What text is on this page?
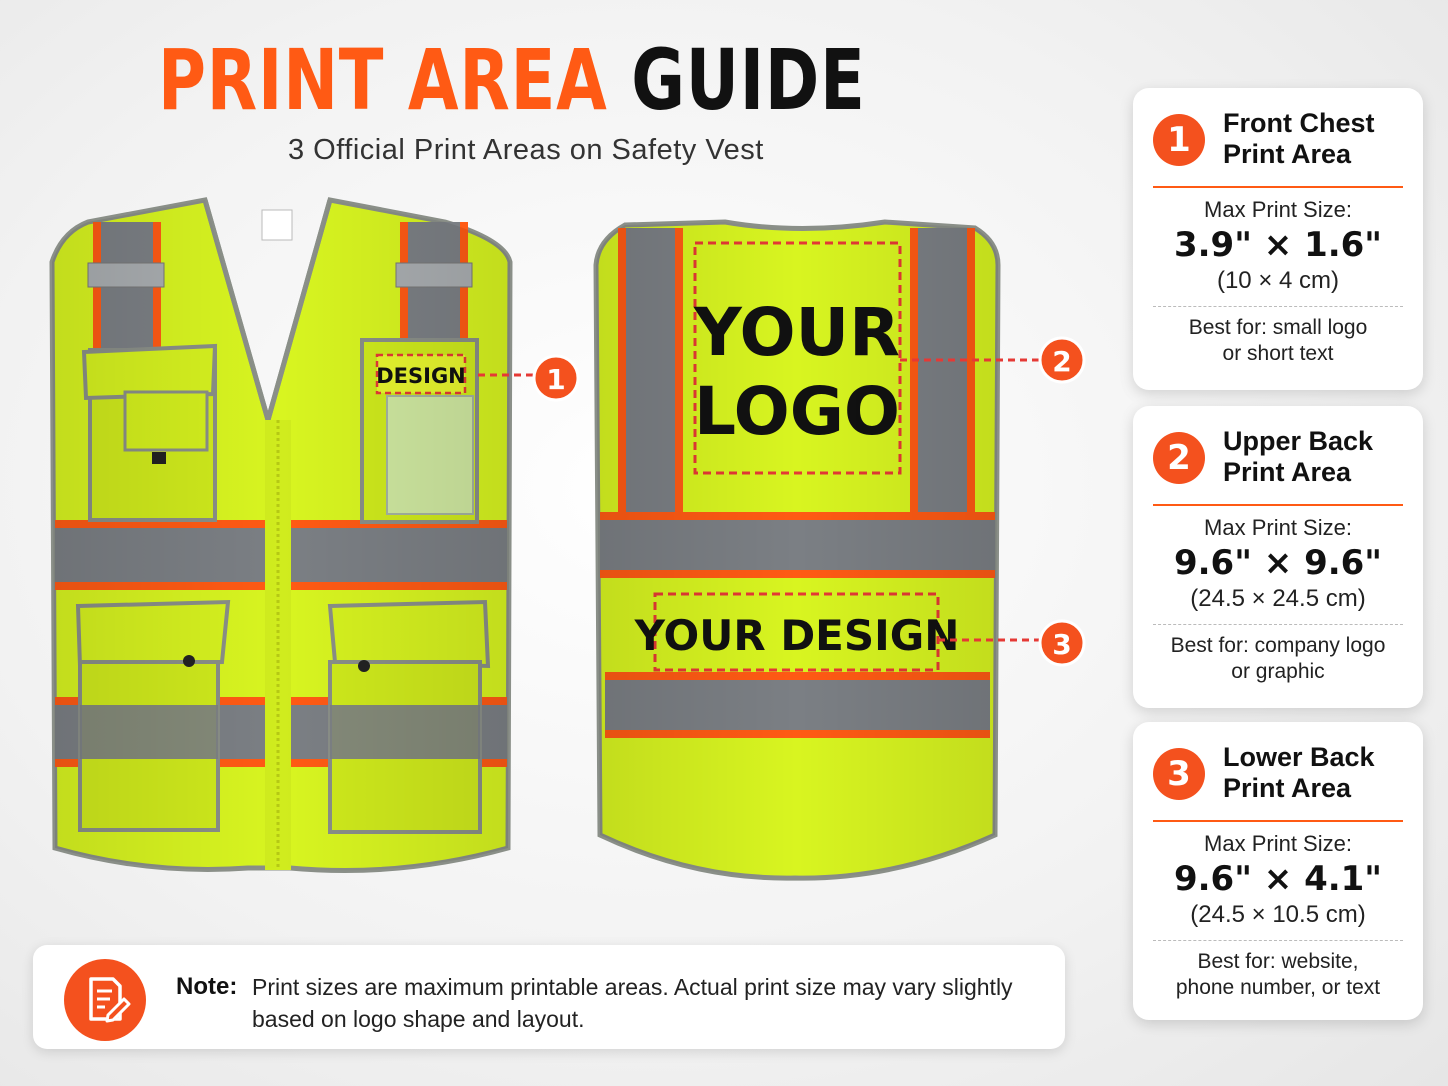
PRINT AREA GUIDE
3 Official Print Areas on Safety Vest
1
2
3
1	Front Chest
Print Area
Max Print Size:
3.9" × 1.6"
(10 × 4 cm)
Best for: small logo
or short text
2	Upper Back
Print Area
Max Print Size:
9.6" × 9.6"
(24.5 × 24.5 cm)
Best for: company logo
or graphic
3	Lower Back
Print Area
Max Print Size:
9.6" × 4.1"
(24.5 × 10.5 cm)
Best for: website,
phone number, or text
Note: Print sizes are maximum printable areas. Actual print size may vary slightly based on logo shape and layout.
